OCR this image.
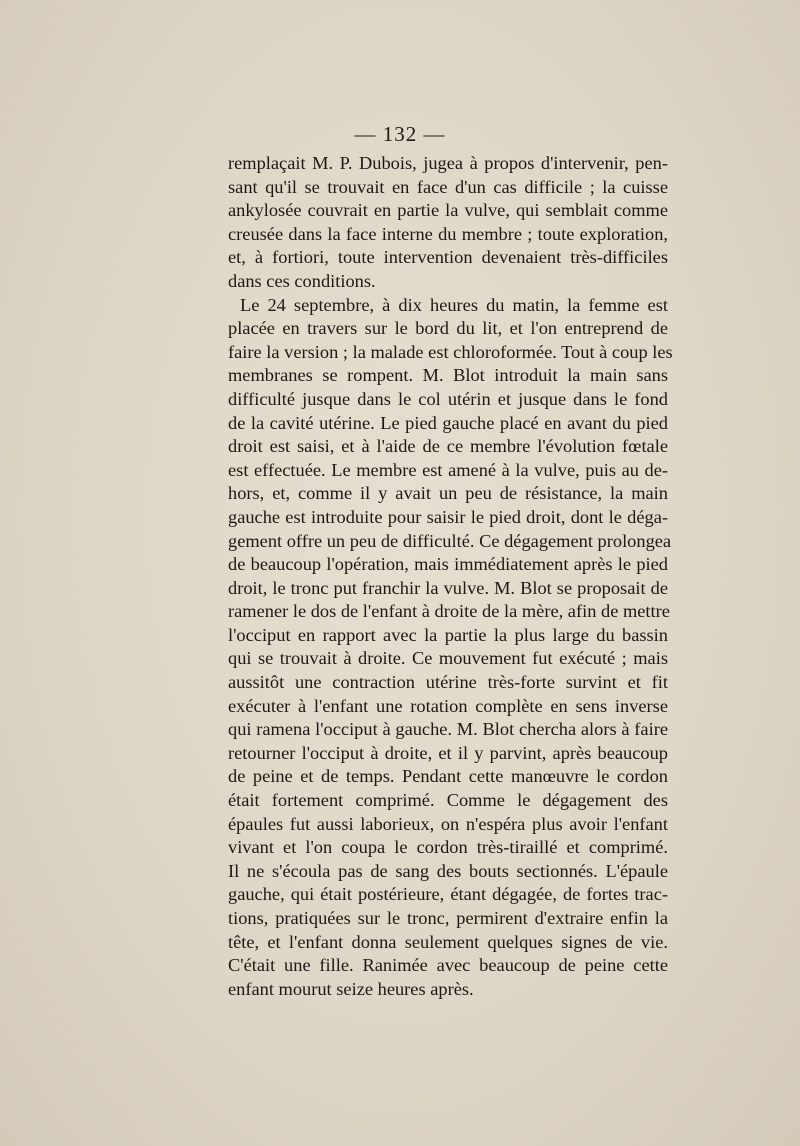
— 132 —
remplaçait M. P. Dubois, jugea à propos d'intervenir, pen-
sant qu'il se trouvait en face d'un cas difficile ; la cuisse
ankylosée couvrait en partie la vulve, qui semblait comme
creusée dans la face interne du membre ; toute exploration,
et, à fortiori, toute intervention devenaient très-difficiles
dans ces conditions.
Le 24 septembre, à dix heures du matin, la femme est
placée en travers sur le bord du lit, et l'on entreprend de
faire la version ; la malade est chloroformée. Tout à coup les
membranes se rompent. M. Blot introduit la main sans
difficulté jusque dans le col utérin et jusque dans le fond
de la cavité utérine. Le pied gauche placé en avant du pied
droit est saisi, et à l'aide de ce membre l'évolution fœtale
est effectuée. Le membre est amené à la vulve, puis au de-
hors, et, comme il y avait un peu de résistance, la main
gauche est introduite pour saisir le pied droit, dont le déga-
gement offre un peu de difficulté. Ce dégagement prolongea
de beaucoup l'opération, mais immédiatement après le pied
droit, le tronc put franchir la vulve. M. Blot se proposait de
ramener le dos de l'enfant à droite de la mère, afin de mettre
l'occiput en rapport avec la partie la plus large du bassin
qui se trouvait à droite. Ce mouvement fut exécuté ; mais
aussitôt une contraction utérine très-forte survint et fit
exécuter à l'enfant une rotation complète en sens inverse
qui ramena l'occiput à gauche. M. Blot chercha alors à faire
retourner l'occiput à droite, et il y parvint, après beaucoup
de peine et de temps. Pendant cette manœuvre le cordon
était fortement comprimé. Comme le dégagement des
épaules fut aussi laborieux, on n'espéra plus avoir l'enfant
vivant et l'on coupa le cordon très-tiraillé et comprimé.
Il ne s'écoula pas de sang des bouts sectionnés. L'épaule
gauche, qui était postérieure, étant dégagée, de fortes trac-
tions, pratiquées sur le tronc, permirent d'extraire enfin la
tête, et l'enfant donna seulement quelques signes de vie.
C'était une fille. Ranimée avec beaucoup de peine cette
enfant mourut seize heures après.
